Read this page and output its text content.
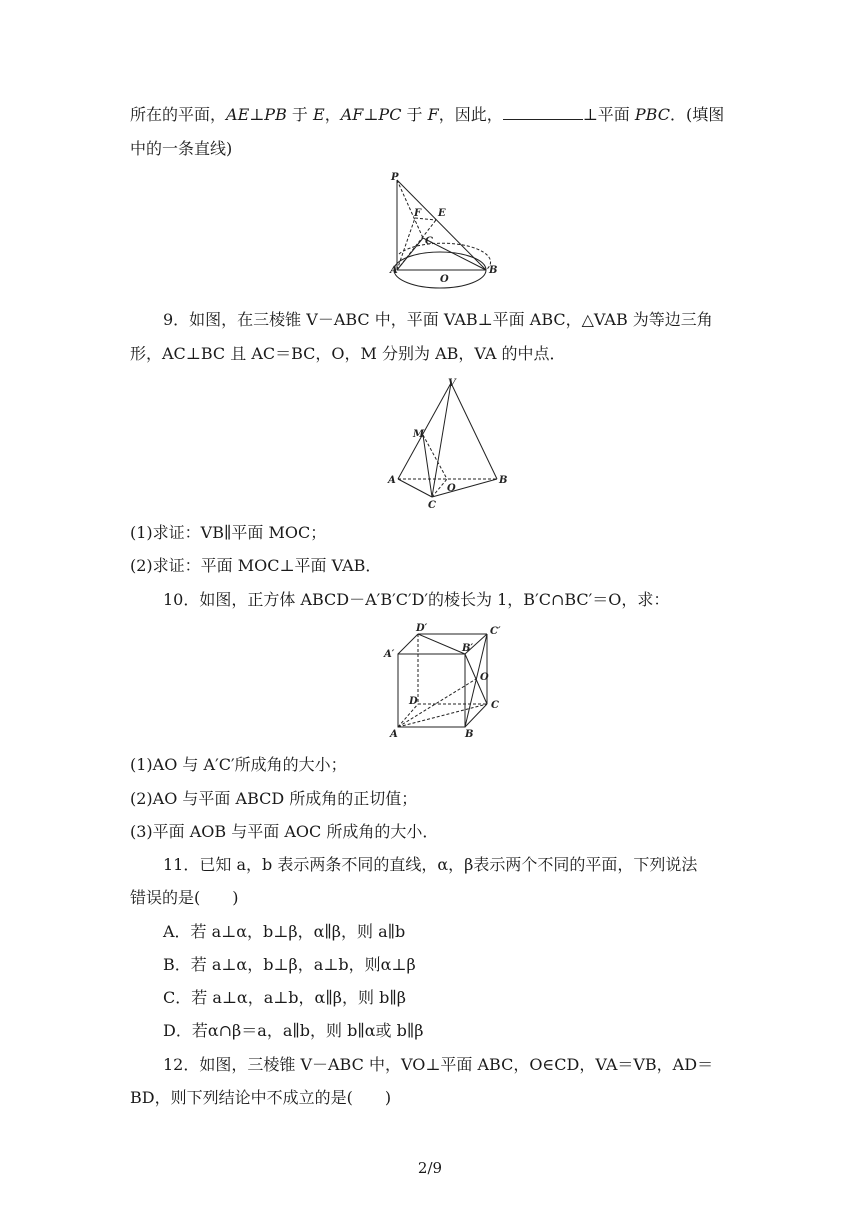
所在的平面，AE⊥PB 于 E，AF⊥PC 于 F，因此，	⊥平面 PBC．(填图
中的一条直线)
P
F E
C
A
O
B
9．如图，在三棱锥 V－ABC 中，平面 VAB⊥平面 ABC，△VAB 为等边三角
形，AC⊥BC 且 AC＝BC，O，M 分别为 AB，VA 的中点．
V
M
A
O
B
C
(1)求证：VB∥平面 MOC；
(2)求证：平面 MOC⊥平面 VAB．
10．如图，正方体 ABCD－A′B′C′D′的棱长为 1，B′C∩BC′＝O，求：
D′	C′
A′
B′
O
D	C
A	B
(1)AO 与 A′C′所成角的大小；
(2)AO 与平面 ABCD 所成角的正切值；
(3)平面 AOB 与平面 AOC 所成角的大小．
11．已知 a，b 表示两条不同的直线，α，β表示两个不同的平面，下列说法
错误的是(　　)
A．若 a⊥α，b⊥β，α∥β，则 a∥b
B．若 a⊥α，b⊥β，a⊥b，则α⊥β
C．若 a⊥α，a⊥b，α∥β，则 b∥β
D．若α∩β＝a，a∥b，则 b∥α或 b∥β
12．如图，三棱锥 V－ABC 中，VO⊥平面 ABC，O∈CD，VA＝VB，AD＝
BD，则下列结论中不成立的是(　　)
2/9
